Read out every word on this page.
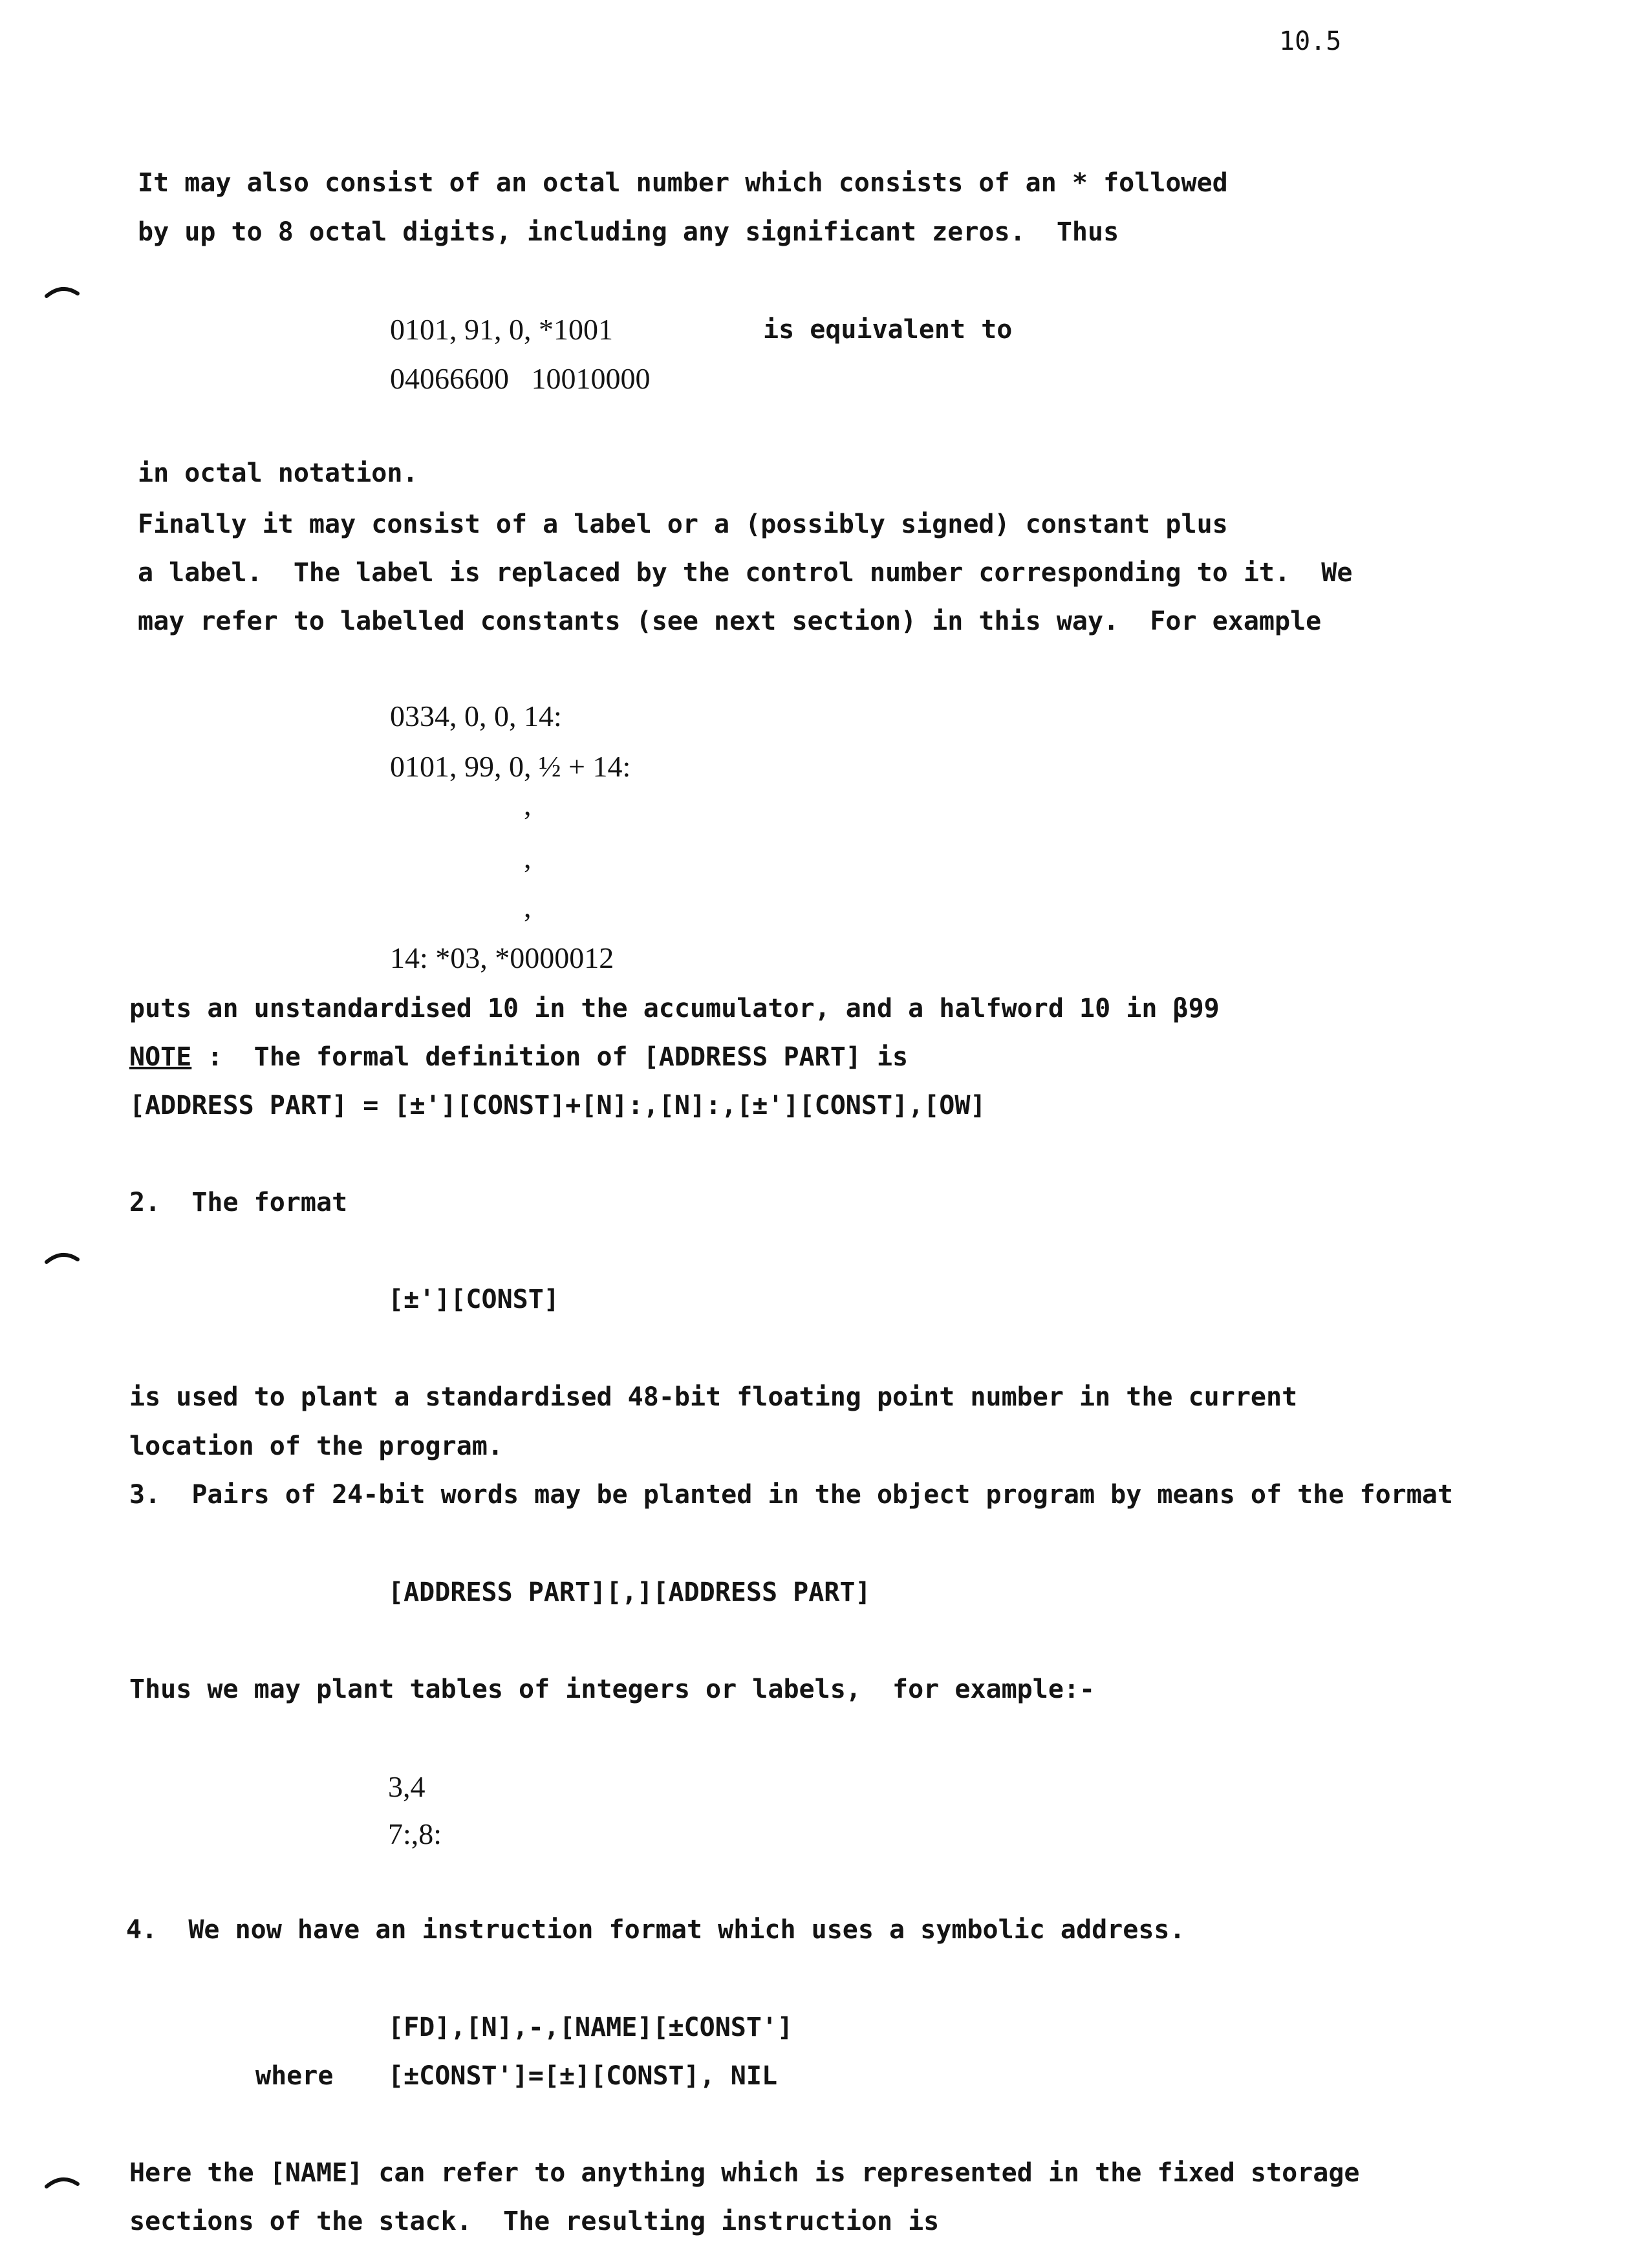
10.5
It may also consist of an octal number which consists of an * followed
by up to 8 octal digits, including any significant zeros.  Thus
0101, 91, 0, *1001	is equivalent to
04066600   10010000
in octal notation.
Finally it may consist of a label or a (possibly signed) constant plus
a label.  The label is replaced by the control number corresponding to it.  We
may refer to labelled constants (see next section) in this way.  For example
0334, 0, 0, 14:
0101, 99, 0, ½ + 14:
,
,
,
14: *03, *0000012
puts an unstandardised 10 in the accumulator, and a halfword 10 in β99
NOTE :  The formal definition of [ADDRESS PART] is
[ADDRESS PART] = [±'][CONST]+[N]:,[N]:,[±'][CONST],[OW]
2.  The format
[±'][CONST]
is used to plant a standardised 48-bit floating point number in the current
location of the program.
3.  Pairs of 24-bit words may be planted in the object program by means of the format
[ADDRESS PART][,][ADDRESS PART]
Thus we may plant tables of integers or labels,  for example:-
3,4
7:,8:
4.  We now have an instruction format which uses a symbolic address.
[FD],[N],-,[NAME][±CONST']
where [±CONST']=[±][CONST], NIL
Here the [NAME] can refer to anything which is represented in the fixed storage
sections of the stack.  The resulting instruction is
